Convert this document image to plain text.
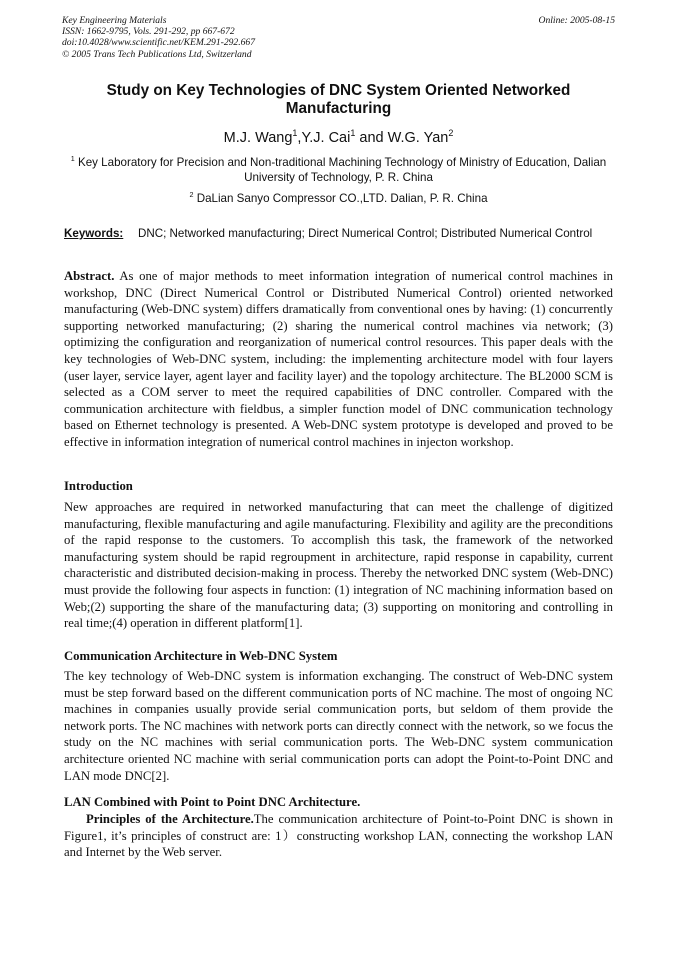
Key Engineering Materials
ISSN: 1662-9795, Vols. 291-292, pp 667-672
doi:10.4028/www.scientific.net/KEM.291-292.667
© 2005 Trans Tech Publications Ltd, Switzerland
Online: 2005-08-15
Study on Key Technologies of DNC System Oriented Networked Manufacturing
M.J. Wang$^1$,Y.J. Cai$^1$ and W.G. Yan$^2$
$^1$ Key Laboratory for Precision and Non-traditional Machining Technology of Ministry of Education, Dalian University of Technology, P. R. China
$^2$ DaLian Sanyo Compressor CO.,LTD. Dalian, P. R. China
Keywords:	DNC; Networked manufacturing; Direct Numerical Control; Distributed Numerical Control
Abstract. As one of major methods to meet information integration of numerical control machines in workshop, DNC (Direct Numerical Control or Distributed Numerical Control) oriented networked manufacturing (Web-DNC system) differs dramatically from conventional ones by having: (1) concurrently supporting networked manufacturing; (2) sharing the numerical control machines via network; (3) optimizing the configuration and reorganization of numerical control resources. This paper deals with the key technologies of Web-DNC system, including: the implementing architecture model with four layers (user layer, service layer, agent layer and facility layer) and the topology architecture. The BL2000 SCM is selected as a COM server to meet the required capabilities of DNC controller. Compared with the communication architecture with fieldbus, a simpler function model of DNC communication technology based on Ethernet technology is presented. A Web-DNC system prototype is developed and proved to be effective in information integration of numerical control machines in injecton workshop.
Introduction
New approaches are required in networked manufacturing that can meet the challenge of digitized manufacturing, flexible manufacturing and agile manufacturing. Flexibility and agility are the preconditions of the rapid response to the customers. To accomplish this task, the framework of the networked manufacturing system should be rapid regroupment in architecture, rapid response in capability, current characteristic and distributed decision-making in process. Thereby the networked DNC system (Web-DNC) must provide the following four aspects in function: (1) integration of NC machining information based on Web;(2) supporting the share of the manufacturing data; (3) supporting on monitoring and controlling in real time;(4) operation in different platform[1].
Communication Architecture in Web-DNC System
The key technology of Web-DNC system is information exchanging. The construct of Web-DNC system must be step forward based on the different communication ports of NC machine. The most of ongoing NC machines in companies usually provide serial communication ports, but seldom of them provide the network ports. The NC machines with network ports can directly connect with the network, so we focus the study on the NC machines with serial communication ports. The Web-DNC system communication architecture oriented NC machine with serial communication ports can adopt the Point-to-Point DNC and LAN mode DNC[2].
LAN Combined with Point to Point DNC Architecture.
Principles of the Architecture.The communication architecture of Point-to-Point DNC is shown in Figure1, it’s principles of construct are: 1）constructing workshop LAN, connecting the workshop LAN and Internet by the Web server.
